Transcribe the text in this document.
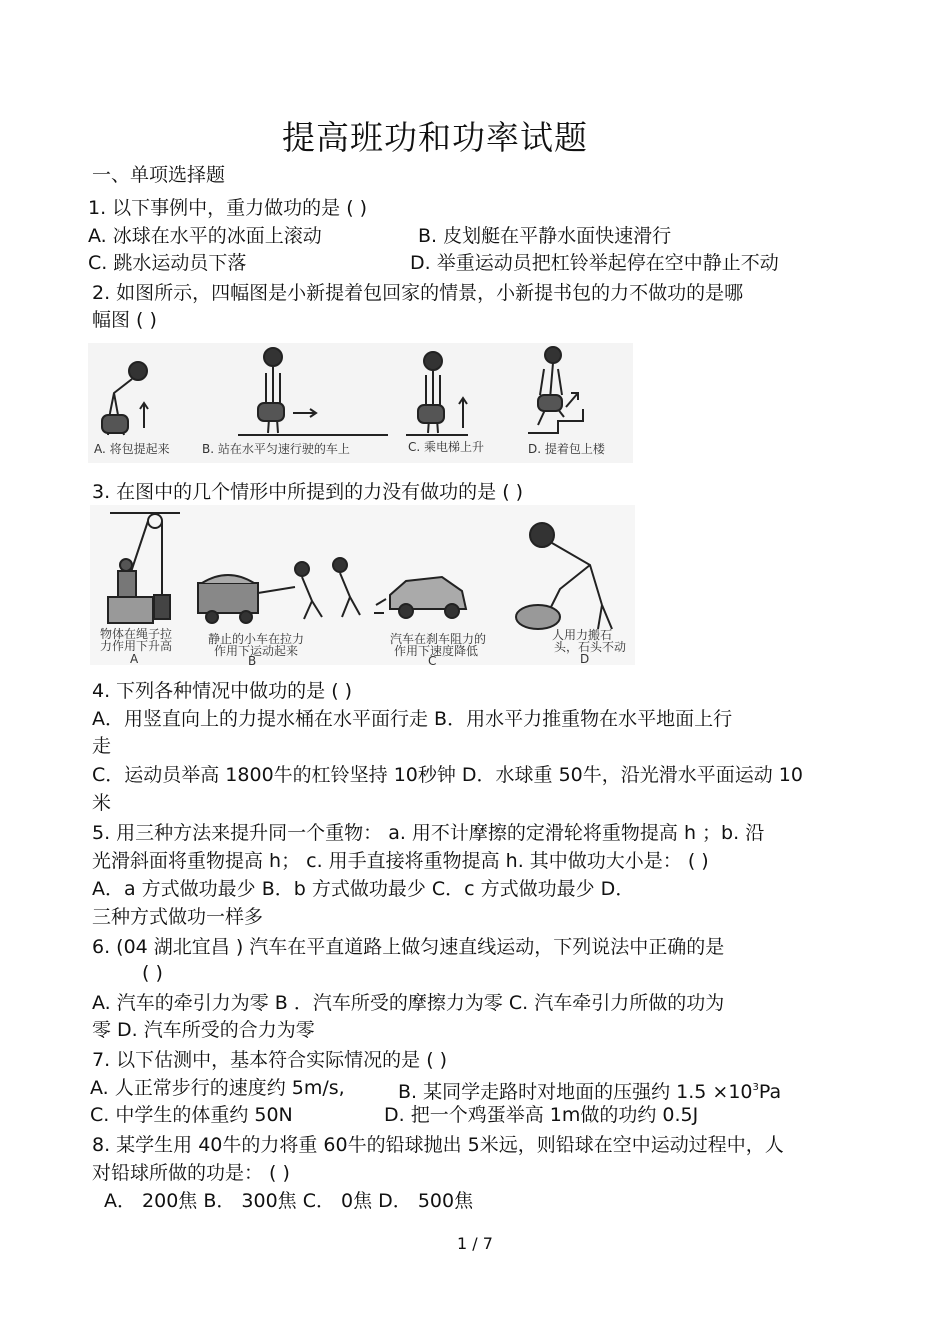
提高班功和功率试题
一、单项选择题
1. 以下事例中，重力做功的是 ( )
A. 冰球在水平的冰面上滚动	B. 皮划艇在平静水面快速滑行
C. 跳水运动员下落	D. 举重运动员把杠铃举起停在空中静止不动
2. 如图所示，四幅图是小新提着包回家的情景，小新提书包的力不做功的是哪
幅图 ( )
A. 将包提起来	B. 站在水平匀速行驶的车上	C. 乘电梯上升	D. 提着包上楼
3. 在图中的几个情形中所提到的力没有做功的是 ( )
物体在绳子拉
力作用下升高
A
静止的小车在拉力
作用下运动起来
B
汽车在刹车阻力的
作用下速度降低
C
人用力搬石
头，石头不动
D
4. 下列各种情况中做功的是 ( )
A．用竖直向上的力提水桶在水平面行走 B．用水平力推重物在水平地面上行
走
C．运动员举高 1800牛的杠铃坚持 10秒钟 D．水球重 50牛，沿光滑水平面运动 10
米
5. 用三种方法来提升同一个重物： a. 用不计摩擦的定滑轮将重物提高 h ；b. 沿
光滑斜面将重物提高 h； c. 用手直接将重物提高 h. 其中做功大小是： ( )
A．a 方式做功最少 B．b 方式做功最少 C．c 方式做功最少 D．
三种方式做功一样多
6. (04 湖北宜昌 ) 汽车在平直道路上做匀速直线运动，下列说法中正确的是
( )
A. 汽车的牵引力为零 B ．汽车所受的摩擦力为零 C. 汽车牵引力所做的功为
零 D. 汽车所受的合力为零
7. 以下估测中，基本符合实际情况的是 ( )
A. 人正常步行的速度约 5m/s,	B. 某同学走路时对地面的压强约 $1.5 \times 10^3Pa$
C. 中学生的体重约 50N	D. 把一个鸡蛋举高 1m做的功约 0.5J
8. 某学生用 40牛的力将重 60牛的铅球抛出 5米远，则铅球在空中运动过程中，人
对铅球所做的功是： ( )
A． 200焦 B． 300焦 C． 0焦 D． 500焦
1 / 7
